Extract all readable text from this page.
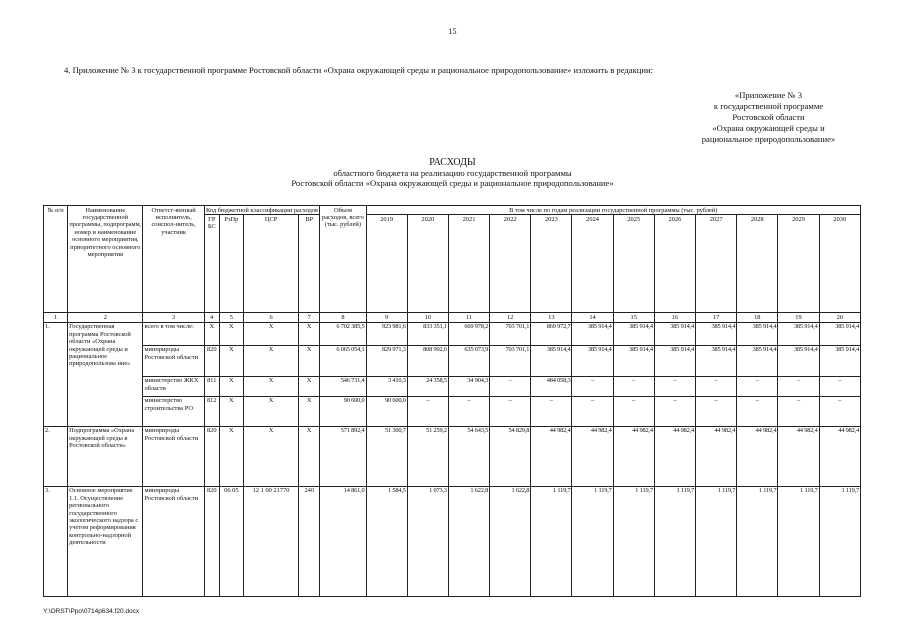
15
4. Приложение № 3 к государственной программе Ростовской области «Охрана окружающей среды и рациональное природопользование» изложить в редакции:
«Приложение № 3
к государственной программе
Ростовской области
«Охрана окружающей среды и
рациональное природопользование»
РАСХОДЫ
областного бюджета на реализацию государственной программы
Ростовской области «Охрана окружающей среды и рациональное природопользование»
№ п/п	Наименование государственной программы, подпрограмм, номер и наименование основного мероприятия, приоритетного основного мероприятия	Ответст-венный исполнитель, соиспол-нитель, участник	Код бюджетной классификации расходов				Объем расходов, всего (тыс. рублей)	В том числе по годам реализации государственной программы (тыс. рублей)											
			ГР БС	РзПр	ЦСР	ВР		2019	2020	2021	2022	2023	2024	2025	2026	2027	2028	2029	2030
1	2	3	4	5	6	7	8	9	10	11	12	13	14	15	16	17	18	19	20
1.	Государственная программа Ростовской области «Охрана окружающей среды и рациональное природопользова ние»	всего в том числе:	Х	Х	Х	Х	6 702 385,5	923 981,6	833 351,1	669 978,2	703 701,1	869 972,7	385 914,4	385 914,4	385 914,4	385 914,4	385 914,4	385 914,4	385 914,4
		минприроды Ростовской области	820	Х	Х	Х	6 065 054,1	829 971,3	808 992,6	635 073,9	703 701,1	385 914,4	385 914,4	385 914,4	385 914,4	385 914,4	385 914,4	385 914,4	385 914,4
		министерство ЖКХ области	811	Х	Х	Х	546 731,4	3 410,3	24 358,5	34 904,3	–	484 058,3	–	–	–	–	–	–	–
		министерство строительства РО	812	Х	Х	Х	90 600,0	90 600,0	–	–	–	–	–	–	–	–	–	–	–
2.	Подпрограмма «Охрана окружающей среды в Ростовской области»	минприроды Ростовской области	820	Х	Х	Х	571 892,4	51 300,7	51 259,2	54 643,5	54 829,8	44 982,4	44 982,4	44 982,4	44 982,4	44 982,4	44 982,4	44 982,4	44 982,4
3.	Основное мероприятие 1.1. Осуществление регионального государственного экологического надзора с учетом реформирования контрольно-надзорной деятельности	минприроды Ростовской области	820	06 05	12 1 00 21770	240	14 861,0	1 584,5	1 073,3	1 622,8	1 622,8	1 119,7	1 119,7	1 119,7	1 119,7	1 119,7	1 119,7	1 119,7	1 119,7
Y:\ORST\Ppo\0714p634.f20.docx
